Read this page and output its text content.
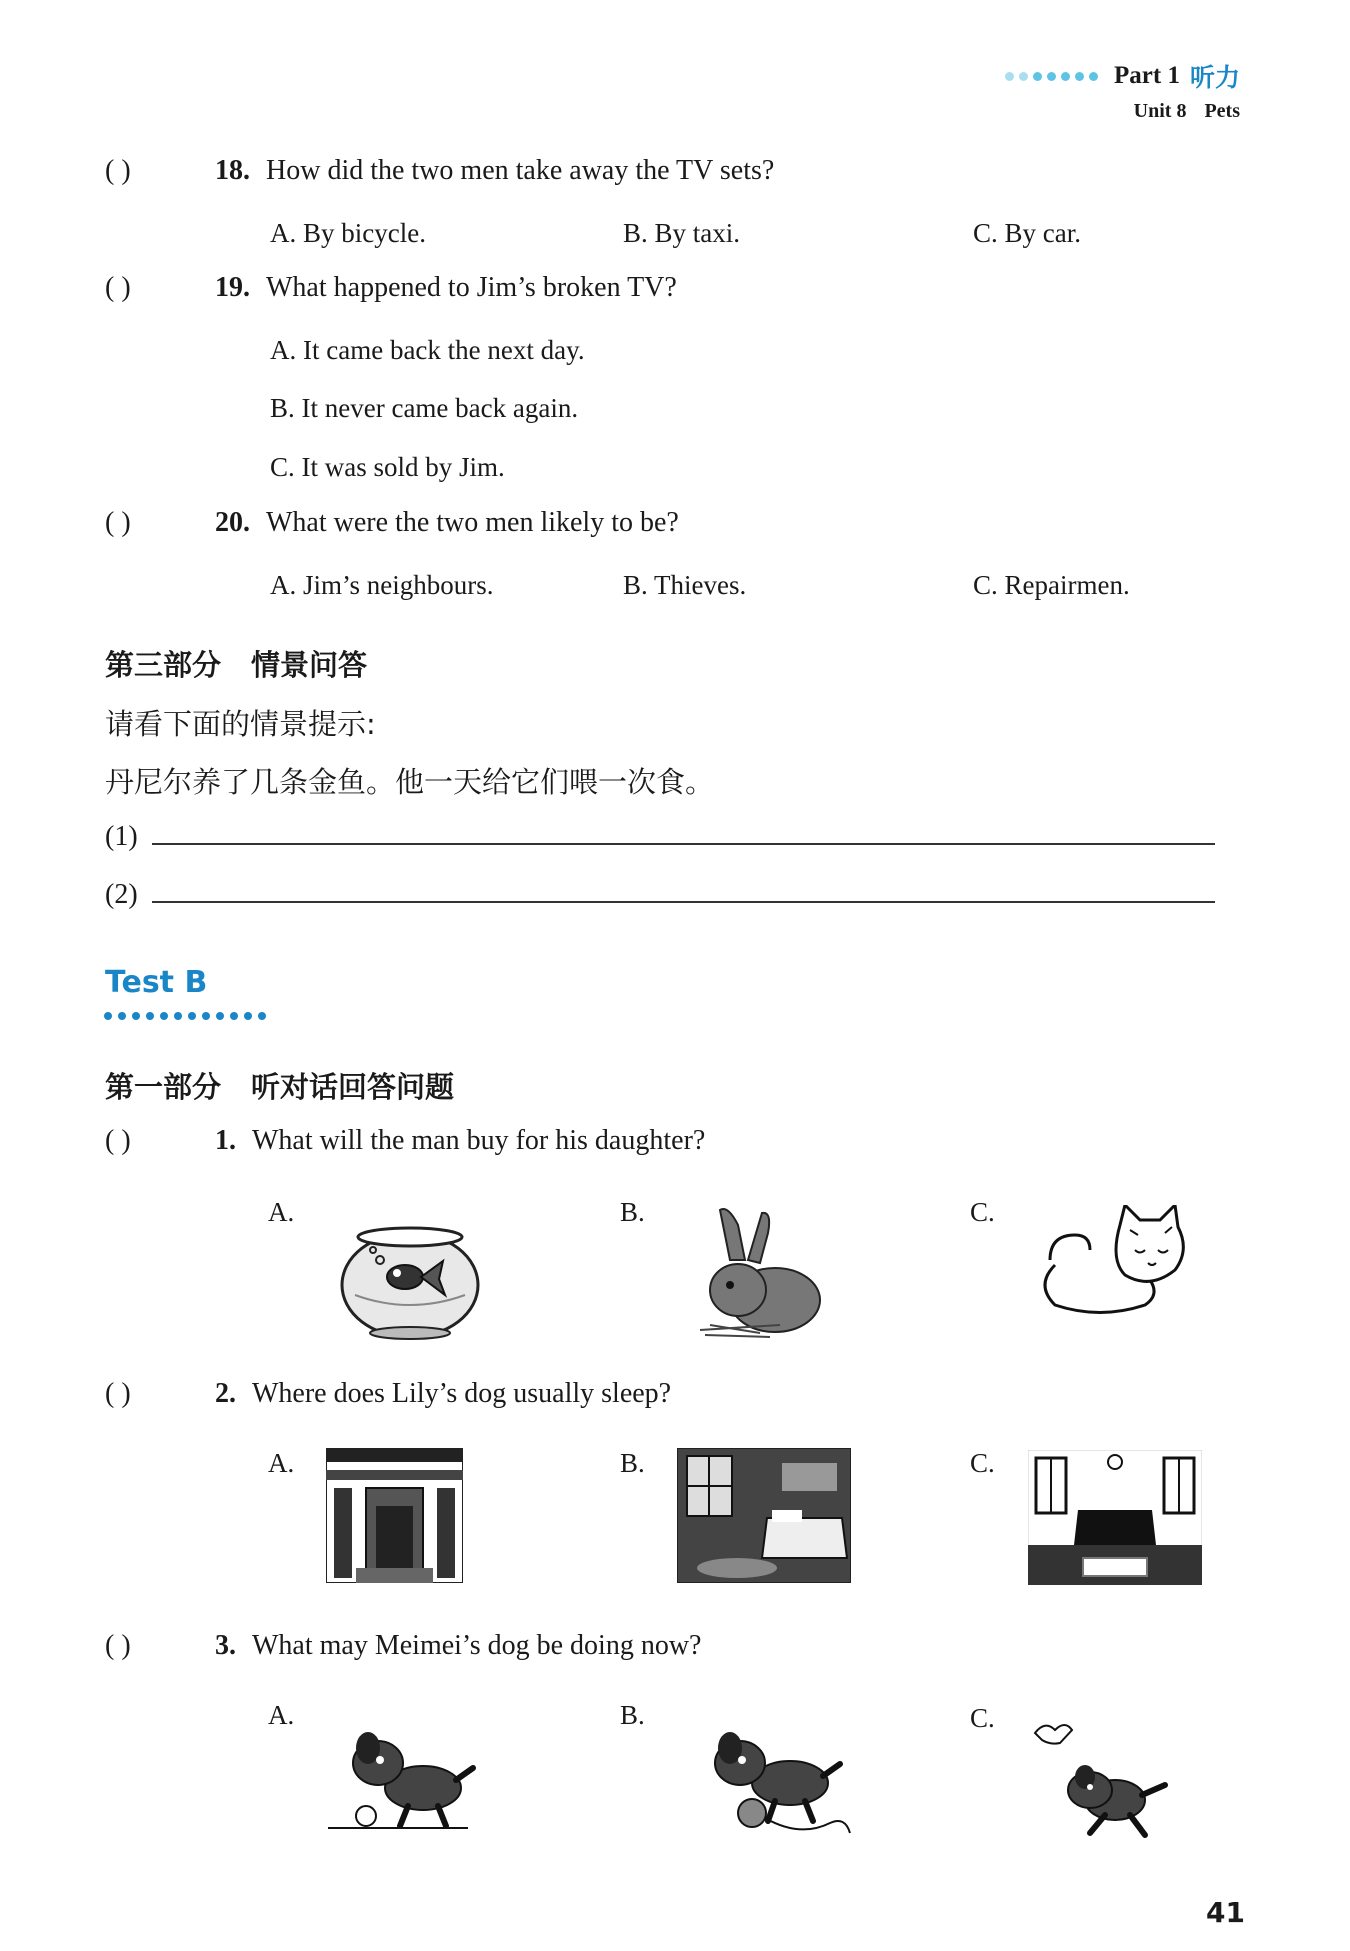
Part 1 听力
Unit 8 Pets
( )	18. How did the two men take away the TV sets?
A. By bicycle.	B. By taxi.	C. By car.
( )	19. What happened to Jim’s broken TV?
A. It came back the next day.
B. It never came back again.
C. It was sold by Jim.
( )	20. What were the two men likely to be?
A. Jim’s neighbours.	B. Thieves.	C. Repairmen.
第三部分 情景问答
请看下面的情景提示:
丹尼尔养了几条金鱼。他一天给它们喂一次食。
(1)
(2)
Test B
第一部分 听对话回答问题
( )	1. What will the man buy for his daughter?
A.	B.	C.
( )	2. Where does Lily’s dog usually sleep?
A.	B.	C.
( )	3. What may Meimei’s dog be doing now?
A.	B.	C.
41
